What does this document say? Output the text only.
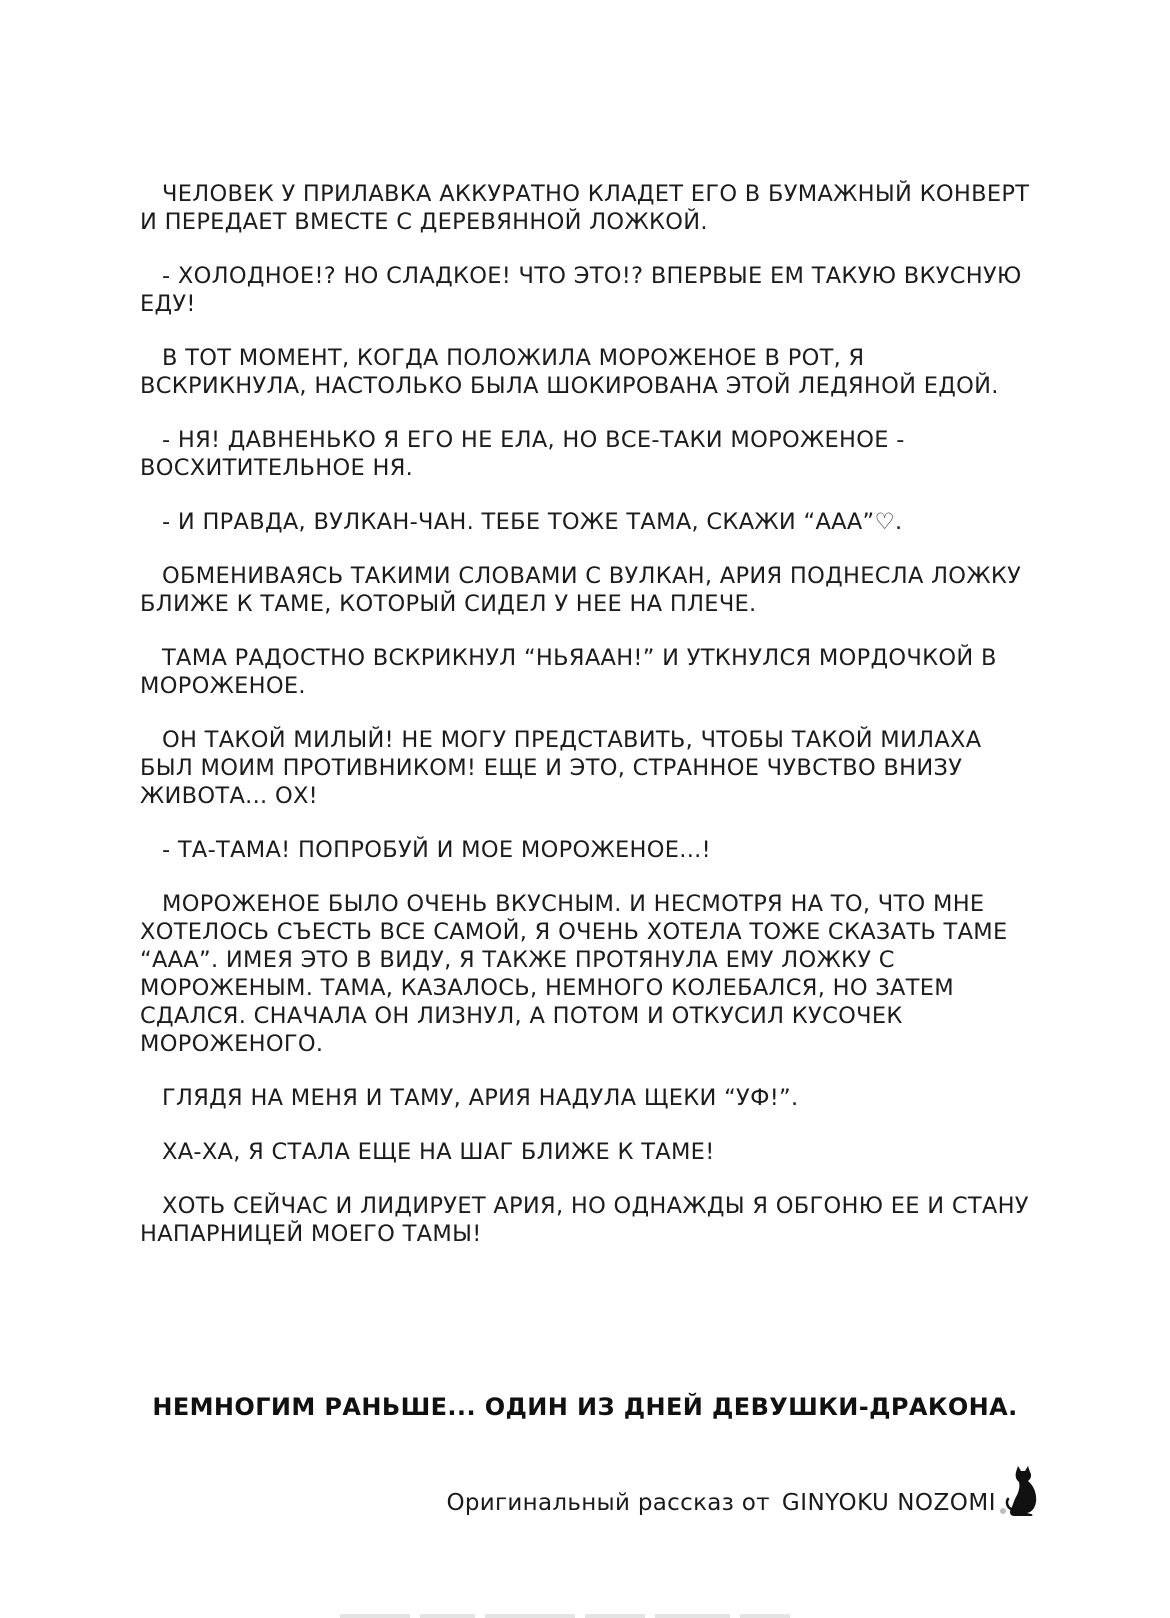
ЧЕЛОВЕК У ПРИЛАВКА АККУРАТНО КЛАДЕТ ЕГО В БУМАЖНЫЙ КОНВЕРТ И ПЕРЕДАЕТ ВМЕСТЕ С ДЕРЕВЯННОЙ ЛОЖКОЙ.

- ХОЛОДНОЕ!? НО СЛАДКОЕ! ЧТО ЭТО!? ВПЕРВЫЕ ЕМ ТАКУЮ ВКУСНУЮ ЕДУ!

В ТОТ МОМЕНТ, КОГДА ПОЛОЖИЛА МОРОЖЕНОЕ В РОТ, Я ВСКРИКНУЛА, НАСТОЛЬКО БЫЛА ШОКИРОВАНА ЭТОЙ ЛЕДЯНОЙ ЕДОЙ.

- НЯ! ДАВНЕНЬКО Я ЕГО НЕ ЕЛА, НО ВСЕ-ТАКИ МОРОЖЕНОЕ - ВОСХИТИТЕЛЬНОЕ НЯ.

- И ПРАВДА, ВУЛКАН-ЧАН. ТЕБЕ ТОЖЕ ТАМА, СКАЖИ “ААА”♡.

ОБМЕНИВАЯСЬ ТАКИМИ СЛОВАМИ С ВУЛКАН, АРИЯ ПОДНЕСЛА ЛОЖКУ БЛИЖЕ К ТАМЕ, КОТОРЫЙ СИДЕЛ У НЕЕ НА ПЛЕЧЕ.

ТАМА РАДОСТНО ВСКРИКНУЛ “НЬЯААН!” И УТКНУЛСЯ МОРДОЧКОЙ В МОРОЖЕНОЕ.

ОН ТАКОЙ МИЛЫЙ! НЕ МОГУ ПРЕДСТАВИТЬ, ЧТОБЫ ТАКОЙ МИЛАХА БЫЛ МОИМ ПРОТИВНИКОМ! ЕЩЕ И ЭТО, СТРАННОЕ ЧУВСТВО ВНИЗУ ЖИВОТА... ОХ!

- ТА-ТАМА! ПОПРОБУЙ И МОЕ МОРОЖЕНОЕ...!

МОРОЖЕНОЕ БЫЛО ОЧЕНЬ ВКУСНЫМ. И НЕСМОТРЯ НА ТО, ЧТО МНЕ ХОТЕЛОСЬ СЪЕСТЬ ВСЕ САМОЙ, Я ОЧЕНЬ ХОТЕЛА ТОЖЕ СКАЗАТЬ ТАМЕ “ААА”. ИМЕЯ ЭТО В ВИДУ, Я ТАКЖЕ ПРОТЯНУЛА ЕМУ ЛОЖКУ С МОРОЖЕНЫМ. ТАМА, КАЗАЛОСЬ, НЕМНОГО КОЛЕБАЛСЯ, НО ЗАТЕМ СДАЛСЯ. СНАЧАЛА ОН ЛИЗНУЛ, А ПОТОМ И ОТКУСИЛ КУСОЧЕК МОРОЖЕНОГО.

ГЛЯДЯ НА МЕНЯ И ТАМУ, АРИЯ НАДУЛА ЩЕКИ “УФ!”.

ХА-ХА, Я СТАЛА ЕЩЕ НА ШАГ БЛИЖЕ К ТАМЕ!

ХОТЬ СЕЙЧАС И ЛИДИРУЕТ АРИЯ, НО ОДНАЖДЫ Я ОБГОНЮ ЕЕ И СТАНУ НАПАРНИЦЕЙ МОЕГО ТАМЫ!

НЕМНОГИМ РАНЬШЕ... ОДИН ИЗ ДНЕЙ ДЕВУШКИ-ДРАКОНА.
Оригинальный рассказ от GINYOKU NOZOMI
